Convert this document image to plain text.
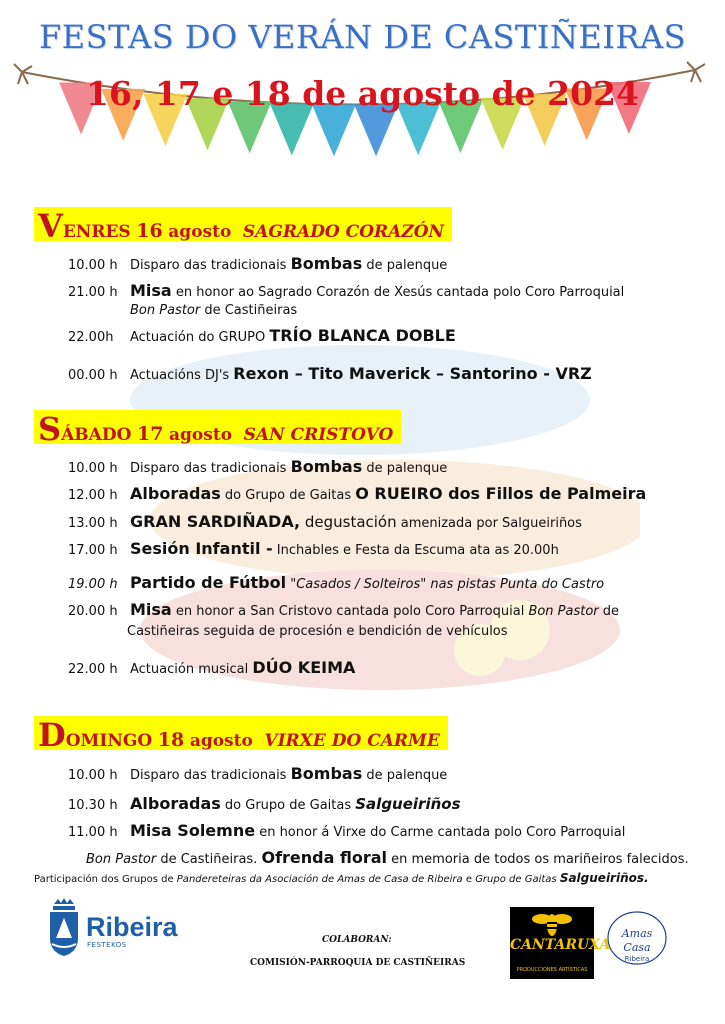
FESTAS DO VERÁN DE CASTIÑEIRAS
16, 17 e 18 de agosto de 2024
VENRES 16 agosto SAGRADO CORAZÓN
10.00 h Disparo das tradicionais Bombas de palenque
21.00 h Misa en honor ao Sagrado Corazón de Xesús cantada polo Coro Parroquial
Bon Pastor de Castiñeiras
22.00h Actuación do GRUPO TRÍO BLANCA DOBLE
00.00 h Actuacións DJ's Rexon – Tito Maverick – Santorino - VRZ
SÁBADO 17 agosto SAN CRISTOVO
10.00 h Disparo das tradicionais Bombas de palenque
12.00 h Alboradas do Grupo de Gaitas O RUEIRO dos Fillos de Palmeira
13.00 h GRAN SARDIÑADA, degustación amenizada por Salgueiriños
17.00 h Sesión Infantil - Inchables e Festa da Escuma ata as 20.00h
19.00 h Partido de Fútbol "Casados / Solteiros" nas pistas Punta do Castro
20.00 h Misa en honor a San Cristovo cantada polo Coro Parroquial Bon Pastor de
Castiñeiras seguida de procesión e bendición de vehículos
22.00 h Actuación musical DÚO KEIMA
DOMINGO 18 agosto VIRXE DO CARME
10.00 h Disparo das tradicionais Bombas de palenque
10.30 h Alboradas do Grupo de Gaitas Salgueiriños
11.00 h Misa Solemne en honor á Virxe do Carme cantada polo Coro Parroquial
Bon Pastor de Castiñeiras. Ofrenda floral en memoria de todos os mariñeiros falecidos.
Participación dos Grupos de Pandereteiras da Asociación de Amas de Casa de Ribeira e Grupo de Gaitas Salgueiriños.
Ribeira
FESTEKOS	COLABORAN:
COMISIÓN-PARROQUIA DE CASTIÑEIRAS
CANTARUXA
PRODUCCIONES ARTÍSTICAS
Amas
Casa
Ribeira
